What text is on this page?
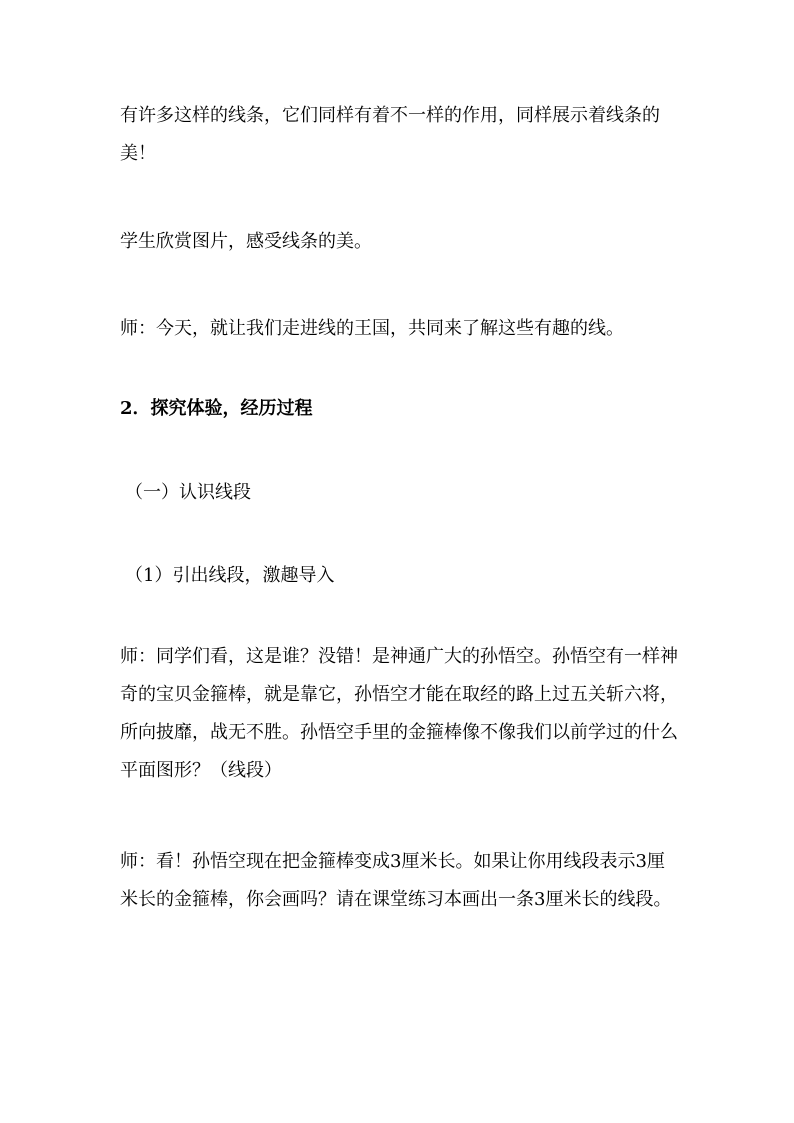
有许多这样的线条，它们同样有着不一样的作用，同样展示着线条的美！

学生欣赏图片，感受线条的美。

师：今天，就让我们走进线的王国，共同来了解这些有趣的线。

2．探究体验，经历过程

（一）认识线段

（1）引出线段，激趣导入

师：同学们看，这是谁？没错！是神通广大的孙悟空。孙悟空有一样神奇的宝贝金箍棒，就是靠它，孙悟空才能在取经的路上过五关斩六将，所向披靡，战无不胜。孙悟空手里的金箍棒像不像我们以前学过的什么平面图形？（线段）

师：看！孙悟空现在把金箍棒变成3厘米长。如果让你用线段表示3厘米长的金箍棒，你会画吗？请在课堂练习本画出一条3厘米长的线段。
